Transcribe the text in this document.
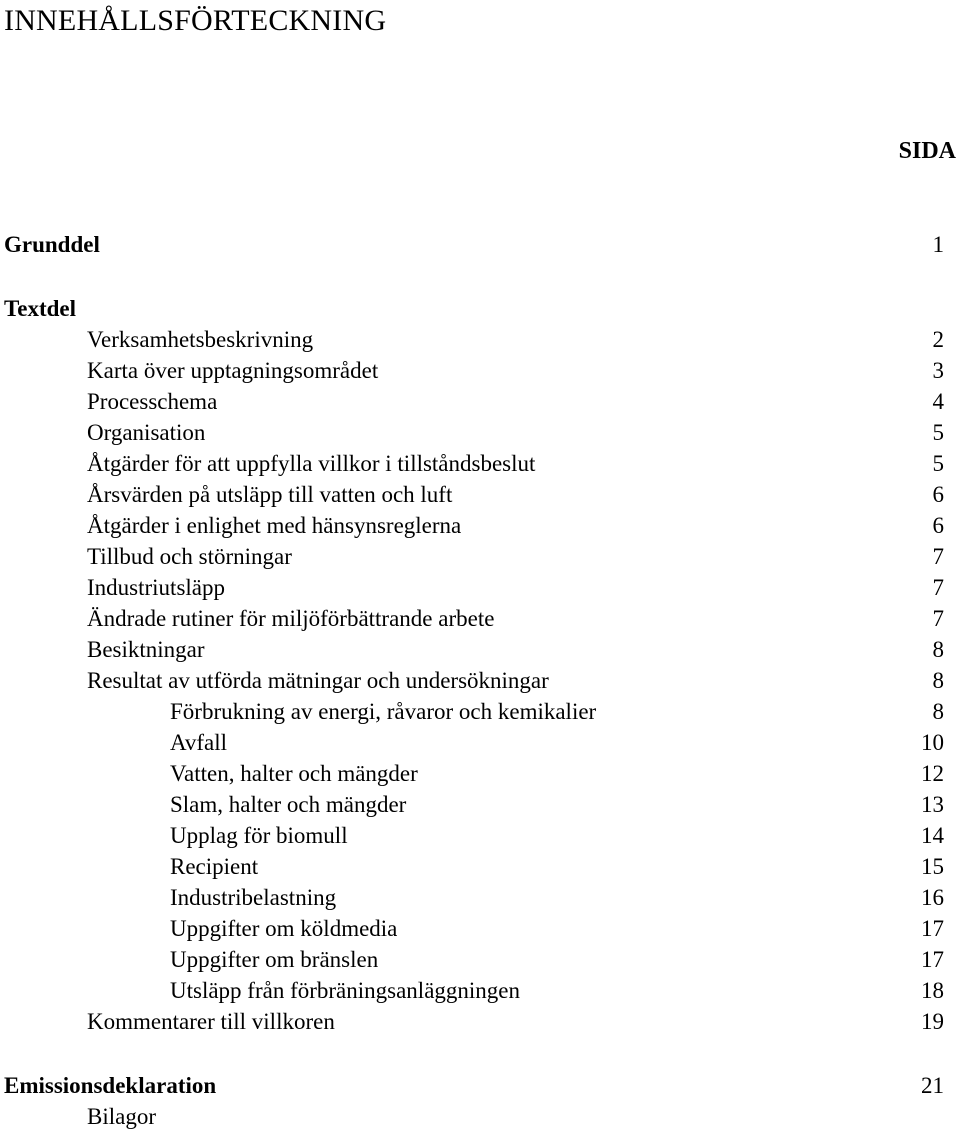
INNEHÅLLSFÖRTECKNING
SIDA
Grunddel	1
Textdel
Verksamhetsbeskrivning	2
Karta över upptagningsområdet	3
Processchema	4
Organisation	5
Åtgärder för att uppfylla villkor i tillståndsbeslut	5
Årsvärden på utsläpp till vatten och luft	6
Åtgärder i enlighet med hänsynsreglerna	6
Tillbud och störningar	7
Industriutsläpp	7
Ändrade rutiner för miljöförbättrande arbete	7
Besiktningar	8
Resultat av utförda mätningar och undersökningar	8
Förbrukning av energi, råvaror och kemikalier	8
Avfall	10
Vatten, halter och mängder	12
Slam, halter och mängder	13
Upplag för biomull	14
Recipient	15
Industribelastning	16
Uppgifter om köldmedia	17
Uppgifter om bränslen	17
Utsläpp från förbräningsanläggningen	18
Kommentarer till villkoren	19
Emissionsdeklaration	21
Bilagor
